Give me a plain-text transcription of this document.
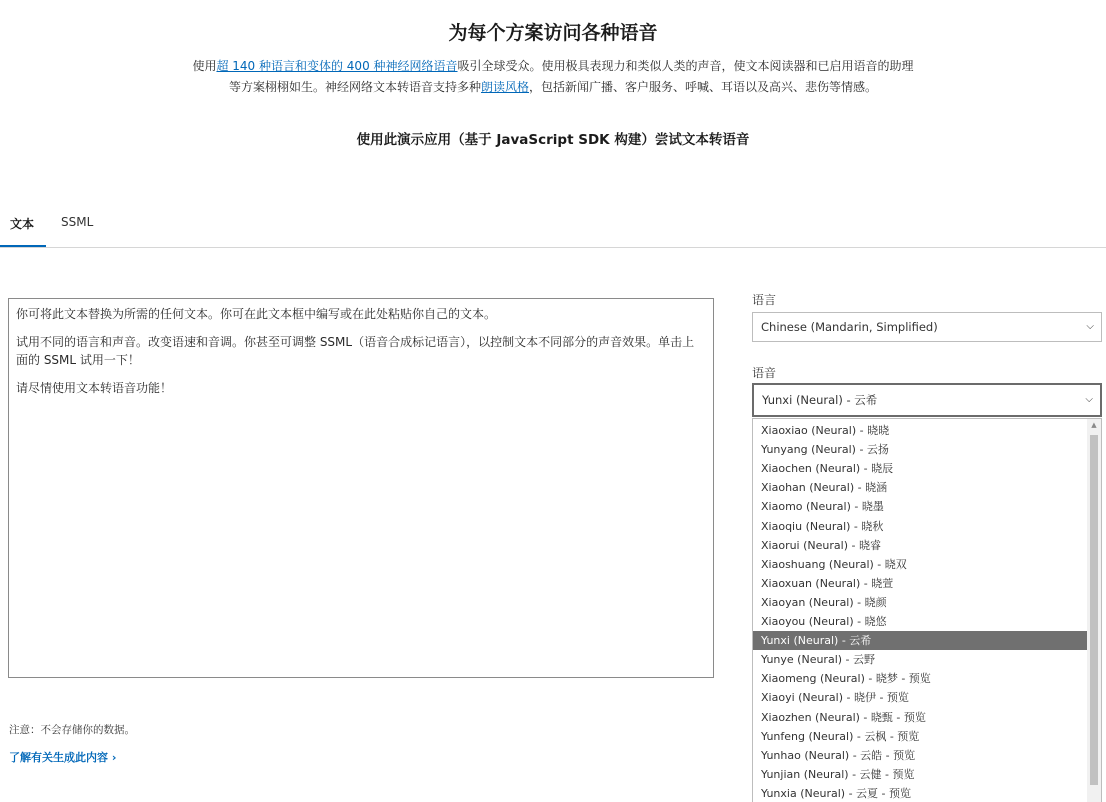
为每个方案访问各种语音
使用超 140 种语言和变体的 400 种神经网络语音吸引全球受众。使用极具表现力和类似人类的声音，使文本阅读器和已启用语音的助理等方案栩栩如生。神经网络文本转语音支持多种朗读风格，包括新闻广播、客户服务、呼喊、耳语以及高兴、悲伤等情感。
使用此演示应用（基于 JavaScript SDK 构建）尝试文本转语音
文本 SSML

你可将此文本替换为所需的任何文本。你可在此文本框中编写或在此处粘贴你自己的文本。

试用不同的语言和声音。改变语速和音调。你甚至可调整 SSML（语音合成标记语言），以控制文本不同部分的声音效果。单击上面的 SSML 试用一下！

请尽情使用文本转语音功能！

注意：不会存储你的数据。
了解有关生成此内容 ›
语言
Chinese (Mandarin, Simplified)	⌵
语音
Yunxi (Neural) - 云希	⌵
Xiaoxiao (Neural) - 晓晓
Yunyang (Neural) - 云扬
Xiaochen (Neural) - 晓辰
Xiaohan (Neural) - 晓涵
Xiaomo (Neural) - 晓墨
Xiaoqiu (Neural) - 晓秋
Xiaorui (Neural) - 晓睿
Xiaoshuang (Neural) - 晓双
Xiaoxuan (Neural) - 晓萱
Xiaoyan (Neural) - 晓颜
Xiaoyou (Neural) - 晓悠
Yunxi (Neural) - 云希
Yunye (Neural) - 云野
Xiaomeng (Neural) - 晓梦 - 预览
Xiaoyi (Neural) - 晓伊 - 预览
Xiaozhen (Neural) - 晓甄 - 预览
Yunfeng (Neural) - 云枫 - 预览
Yunhao (Neural) - 云皓 - 预览
Yunjian (Neural) - 云健 - 预览
Yunxia (Neural) - 云夏 - 预览
▲
